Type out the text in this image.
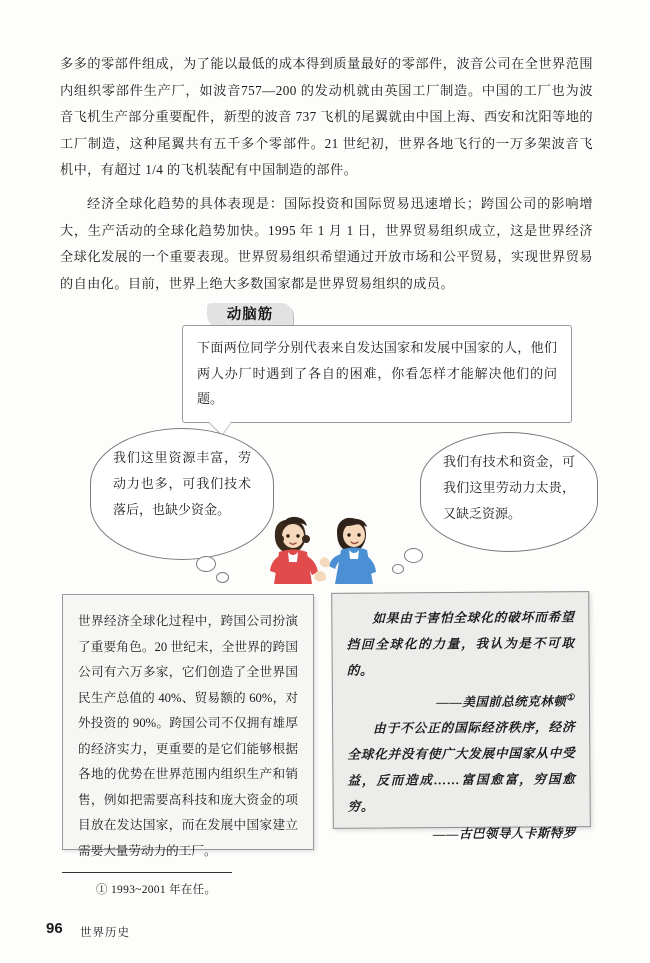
多多的零部件组成，为了能以最低的成本得到质量最好的零部件，波音公司在全世界范围内组织零部件生产厂，如波音757—200 的发动机就由英国工厂制造。中国的工厂也为波音飞机生产部分重要配件，新型的波音 737 飞机的尾翼就由中国上海、西安和沈阳等地的工厂制造，这种尾翼共有五千多个零部件。21 世纪初，世界各地飞行的一万多架波音飞机中，有超过 1/4 的飞机装配有中国制造的部件。

经济全球化趋势的具体表现是：国际投资和国际贸易迅速增长；跨国公司的影响增大，生产活动的全球化趋势加快。1995 年 1 月 1 日，世界贸易组织成立，这是世界经济全球化发展的一个重要表现。世界贸易组织希望通过开放市场和公平贸易，实现世界贸易的自由化。目前，世界上绝大多数国家都是世界贸易组织的成员。

动脑筋
下面两位同学分别代表来自发达国家和发展中国家的人，他们两人办厂时遇到了各自的困难，你看怎样才能解决他们的问题。
我们这里资源丰富，劳动力也多，可我们技术落后，也缺少资金。
我们有技术和资金，可我们这里劳动力太贵，又缺乏资源。
世界经济全球化过程中，跨国公司扮演了重要角色。20 世纪末，全世界的跨国公司有六万多家，它们创造了全世界国民生产总值的 40%、贸易额的 60%，对外投资的 90%。跨国公司不仅拥有雄厚的经济实力，更重要的是它们能够根据各地的优势在世界范围内组织生产和销售，例如把需要高科技和庞大资金的项目放在发达国家，而在发展中国家建立需要大量劳动力的工厂。
如果由于害怕全球化的破坏而希望挡回全球化的力量，我认为是不可取的。
——美国前总统克林顿①
由于不公正的国际经济秩序，经济全球化并没有使广大发展中国家从中受益，反而造成……富国愈富，穷国愈穷。
——古巴领导人卡斯特罗
① 1993~2001 年在任。
96 世界历史
